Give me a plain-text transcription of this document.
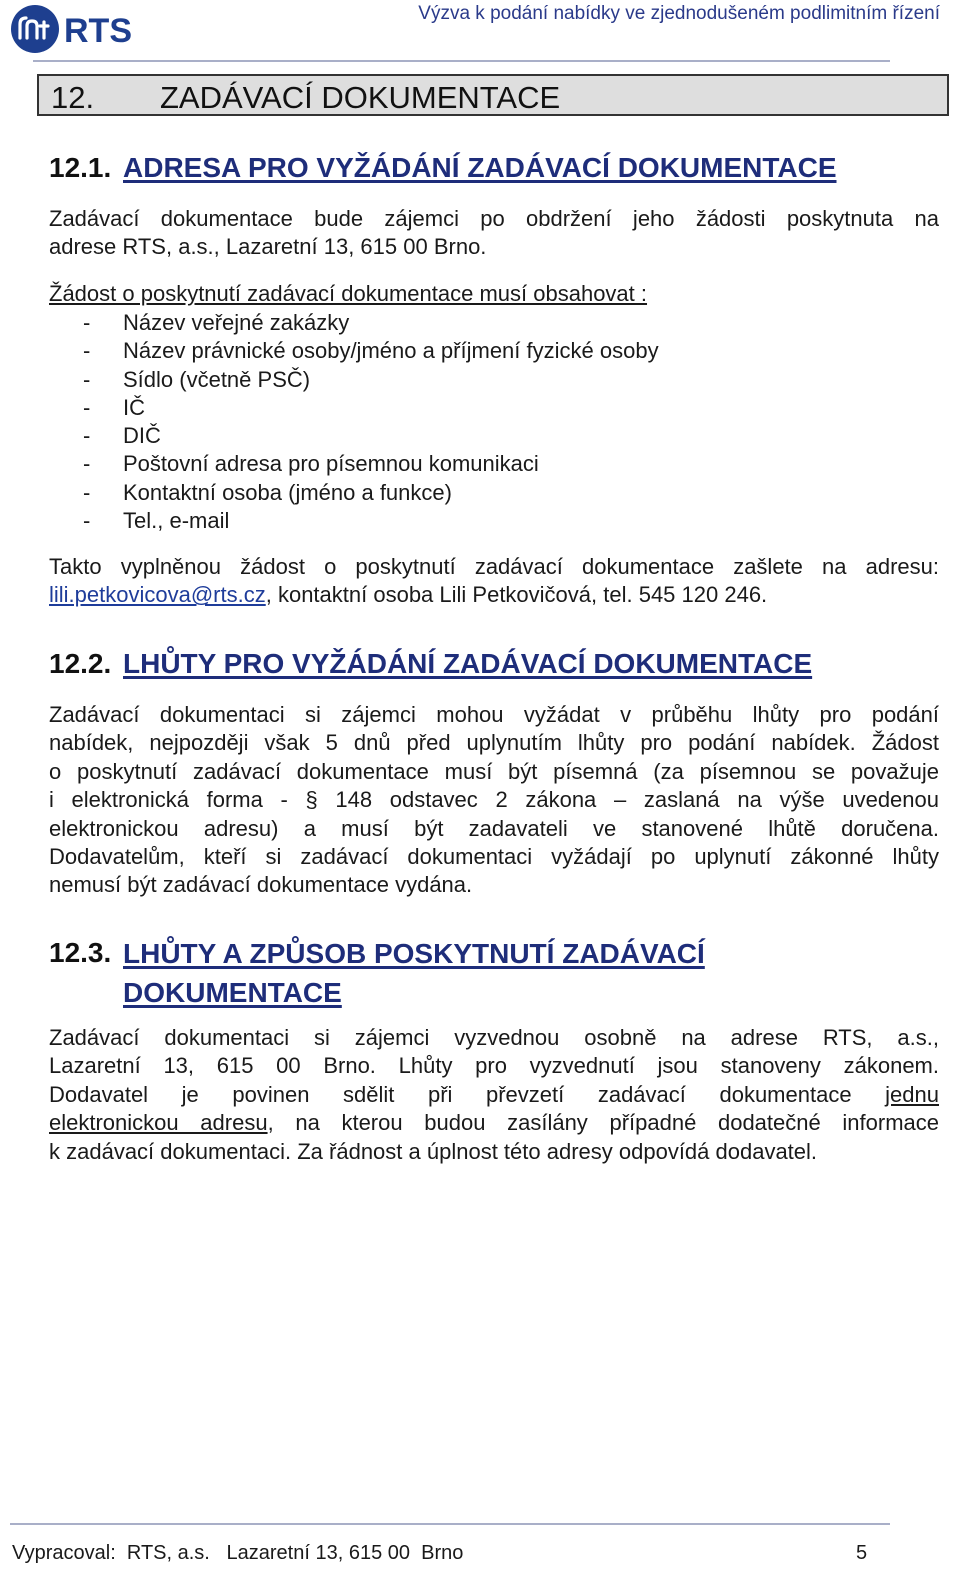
RTS	Výzva k podání nabídky ve zjednodušeném podlimitním řízení
12. ZADÁVACÍ DOKUMENTACE
12.1. ADRESA PRO VYŽÁDÁNÍ ZADÁVACÍ DOKUMENTACE
Zadávací dokumentace bude zájemci po obdržení jeho žádosti poskytnuta na
adrese RTS, a.s., Lazaretní 13, 615 00 Brno.
Žádost o poskytnutí zadávací dokumentace musí obsahovat :
- Název veřejné zakázky
- Název právnické osoby/jméno a příjmení fyzické osoby
- Sídlo (včetně PSČ)
- IČ
- DIČ
- Poštovní adresa pro písemnou komunikaci
- Kontaktní osoba (jméno a funkce)
- Tel., e-mail
Takto vyplněnou žádost o poskytnutí zadávací dokumentace zašlete na adresu:
lili.petkovicova@rts.cz, kontaktní osoba Lili Petkovičová, tel. 545 120 246.
12.2. LHŮTY PRO VYŽÁDÁNÍ ZADÁVACÍ DOKUMENTACE
Zadávací dokumentaci si zájemci mohou vyžádat v průběhu lhůty pro podání
nabídek, nejpozději však 5 dnů před uplynutím lhůty pro podání nabídek. Žádost
o poskytnutí zadávací dokumentace musí být písemná (za písemnou se považuje
i elektronická forma - § 148 odstavec 2 zákona – zaslaná na výše uvedenou
elektronickou adresu) a musí být zadavateli ve stanovené lhůtě doručena.
Dodavatelům, kteří si zadávací dokumentaci vyžádají po uplynutí zákonné lhůty
nemusí být zadávací dokumentace vydána.
12.3. LHŮTY A ZPŮSOB POSKYTNUTÍ ZADÁVACÍ
DOKUMENTACE
Zadávací dokumentaci si zájemci vyzvednou osobně na adrese RTS, a.s.,
Lazaretní 13, 615 00 Brno. Lhůty pro vyzvednutí jsou stanoveny zákonem.
Dodavatel je povinen sdělit při převzetí zadávací dokumentace jednu
elektronickou adresu, na kterou budou zasílány případné dodatečné informace
k zadávací dokumentaci. Za řádnost a úplnost této adresy odpovídá dodavatel.
Vypracoval:  RTS, a.s.   Lazaretní 13, 615 00  Brno	5
